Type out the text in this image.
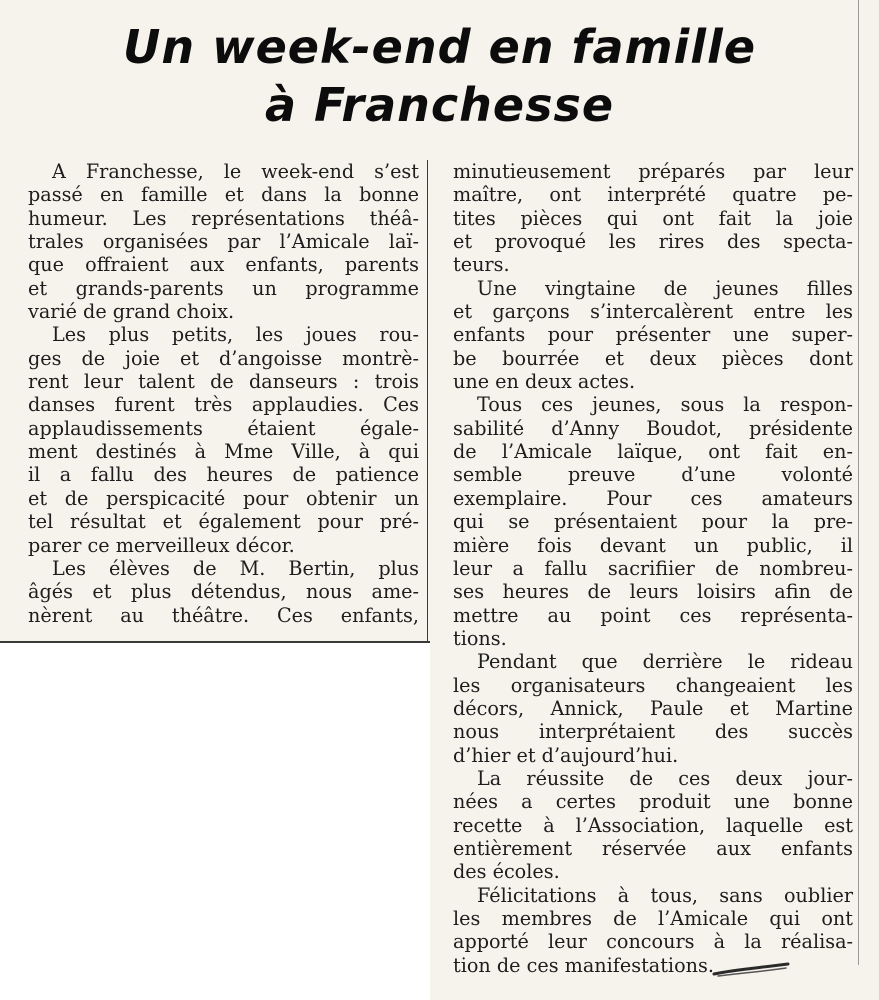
Un week-end en famille
à Franchesse
A Franchesse, le week-end s’est
passé en famille et dans la bonne
humeur. Les représentations théâ-
trales organisées par l’Amicale laï-
que offraient aux enfants, parents
et grands-parents un programme
varié de grand choix.
Les plus petits, les joues rou-
ges de joie et d’angoisse montrè-
rent leur talent de danseurs : trois
danses furent très applaudies. Ces
applaudissements étaient égale-
ment destinés à Mme Ville, à qui
il a fallu des heures de patience
et de perspicacité pour obtenir un
tel résultat et également pour pré-
parer ce merveilleux décor.
Les élèves de M. Bertin, plus
âgés et plus détendus, nous ame-
nèrent au théâtre. Ces enfants,
minutieusement préparés par leur
maître, ont interprété quatre pe-
tites pièces qui ont fait la joie
et provoqué les rires des specta-
teurs.
Une vingtaine de jeunes filles
et garçons s’intercalèrent entre les
enfants pour présenter une super-
be bourrée et deux pièces dont
une en deux actes.
Tous ces jeunes, sous la respon-
sabilité d’Anny Boudot, présidente
de l’Amicale laïque, ont fait en-
semble preuve d’une volonté
exemplaire. Pour ces amateurs
qui se présentaient pour la pre-
mière fois devant un public, il
leur a fallu sacrifiier de nombreu-
ses heures de leurs loisirs afin de
mettre au point ces représenta-
tions.
Pendant que derrière le rideau
les organisateurs changeaient les
décors, Annick, Paule et Martine
nous interprétaient des succès
d’hier et d’aujourd’hui.
La réussite de ces deux jour-
nées a certes produit une bonne
recette à l’Association, laquelle est
entièrement réservée aux enfants
des écoles.
Félicitations à tous, sans oublier
les membres de l’Amicale qui ont
apporté leur concours à la réalisa-
tion de ces manifestations.
